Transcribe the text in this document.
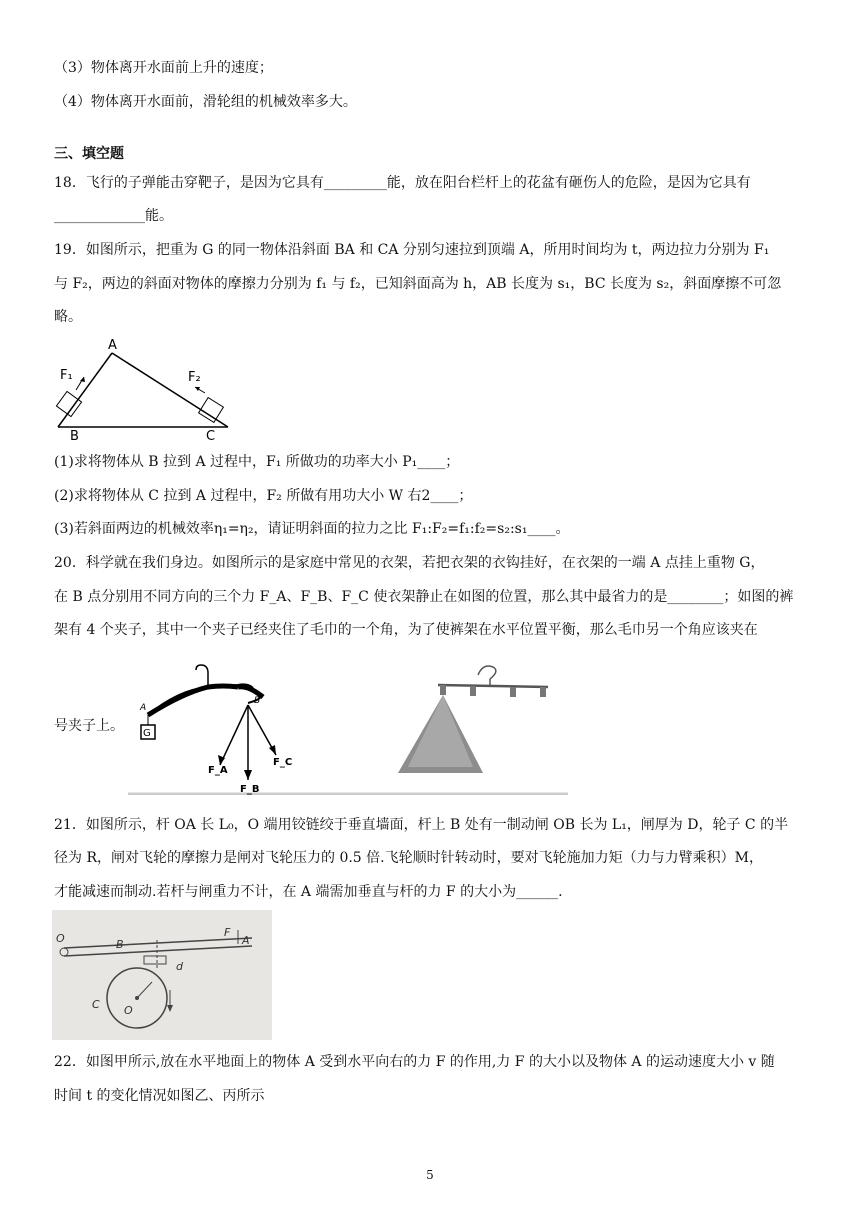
（3）物体离开水面前上升的速度；
（4）物体离开水面前，滑轮组的机械效率多大。
三、填空题
18．飞行的子弹能击穿靶子，是因为它具有_________能，放在阳台栏杆上的花盆有砸伤人的危险，是因为它具有
_____________能。
19．如图所示，把重为 G 的同一物体沿斜面 BA 和 CA 分别匀速拉到顶端 A，所用时间均为 t，两边拉力分别为 F₁
与 F₂，两边的斜面对物体的摩擦力分别为 f₁ 与 f₂，已知斜面高为 h，AB 长度为 s₁，BC 长度为 s₂，斜面摩擦不可忽
略。
A
B	C
F₁	F₂
(1)求将物体从 B 拉到 A 过程中，F₁ 所做功的功率大小 P₁____；
(2)求将物体从 C 拉到 A 过程中，F₂ 所做有用功大小 W 右2____；
(3)若斜面两边的机械效率η₁=η₂，请证明斜面的拉力之比 F₁:F₂=f₁:f₂=s₂:s₁____。
20．科学就在我们身边。如图所示的是家庭中常见的衣架，若把衣架的衣钩挂好，在衣架的一端 A 点挂上重物 G，
在 B 点分别用不同方向的三个力 F_A、F_B、F_C 使衣架静止在如图的位置，那么其中最省力的是________；如图的裤
架有 4 个夹子，其中一个夹子已经夹住了毛巾的一个角，为了使裤架在水平位置平衡，那么毛巾另一个角应该夹在
号夹子上。 G
A
B
F_A
F_B
F_C
21．如图所示，杆 OA 长 L₀，O 端用铰链绞于垂直墙面，杆上 B 处有一制动闸 OB 长为 L₁，闸厚为 D，轮子 C 的半
径为 R，闸对飞轮的摩擦力是闸对飞轮压力的 0.5 倍.飞轮顺时针转动时，要对飞轮施加力矩（力与力臂乘积）M，
才能减速而制动.若杆与闸重力不计，在 A 端需加垂直与杆的力 F 的大小为______.
O	B
F
A
d
C O
22．如图甲所示,放在水平地面上的物体 A 受到水平向右的力 F 的作用,力 F 的大小以及物体 A 的运动速度大小 v 随
时间 t 的变化情况如图乙、丙所示
5
